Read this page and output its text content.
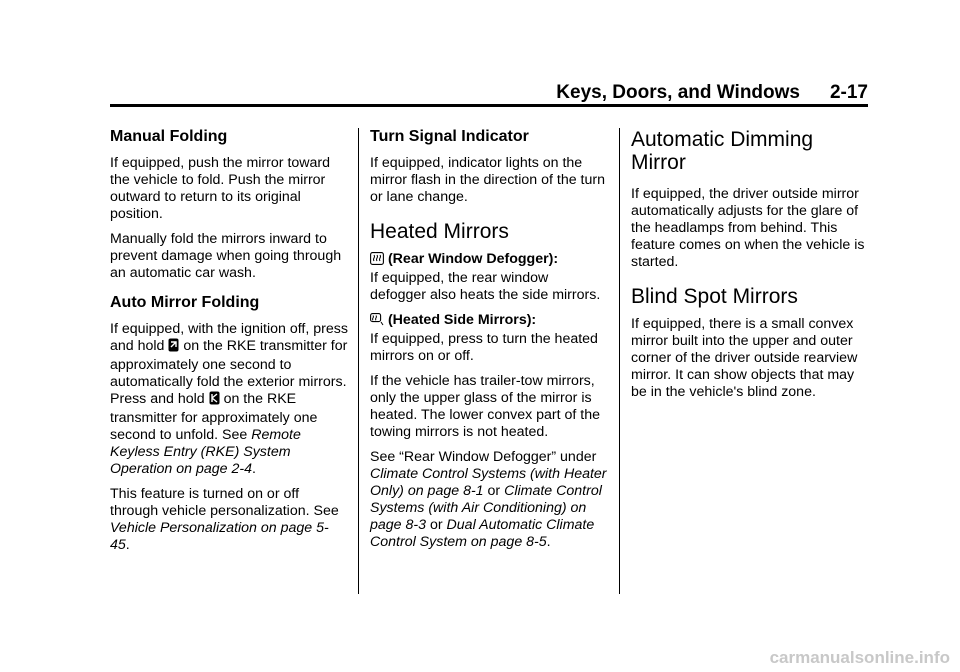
Keys, Doors, and Windows 2-17
Manual Folding

If equipped, push the mirror toward the vehicle to fold. Push the mirror outward to return to its original position.

Manually fold the mirrors inward to prevent damage when going through an automatic car wash.

Auto Mirror Folding

If equipped, with the ignition off, press and hold on the RKE transmitter for approximately one second to automatically fold the exterior mirrors. Press and hold on the RKE transmitter for approximately one second to unfold. See Remote Keyless Entry (RKE) System Operation on page 2-4.

This feature is turned on or off through vehicle personalization. See Vehicle Personalization on page 5-45.

Turn Signal Indicator

If equipped, indicator lights on the mirror flash in the direction of the turn or lane change.

Heated Mirrors

(Rear Window Defogger):
If equipped, the rear window defogger also heats the side mirrors.

(Heated Side Mirrors):
If equipped, press to turn the heated mirrors on or off.

If the vehicle has trailer-tow mirrors, only the upper glass of the mirror is heated. The lower convex part of the towing mirrors is not heated.

See “Rear Window Defogger” under Climate Control Systems (with Heater Only) on page 8-1 or Climate Control Systems (with Air Conditioning) on page 8-3 or Dual Automatic Climate Control System on page 8-5.

Automatic Dimming Mirror

If equipped, the driver outside mirror automatically adjusts for the glare of the headlamps from behind. This feature comes on when the vehicle is started.

Blind Spot Mirrors

If equipped, there is a small convex mirror built into the upper and outer corner of the driver outside rearview mirror. It can show objects that may be in the vehicle's blind zone.

carmanualsonline.info
